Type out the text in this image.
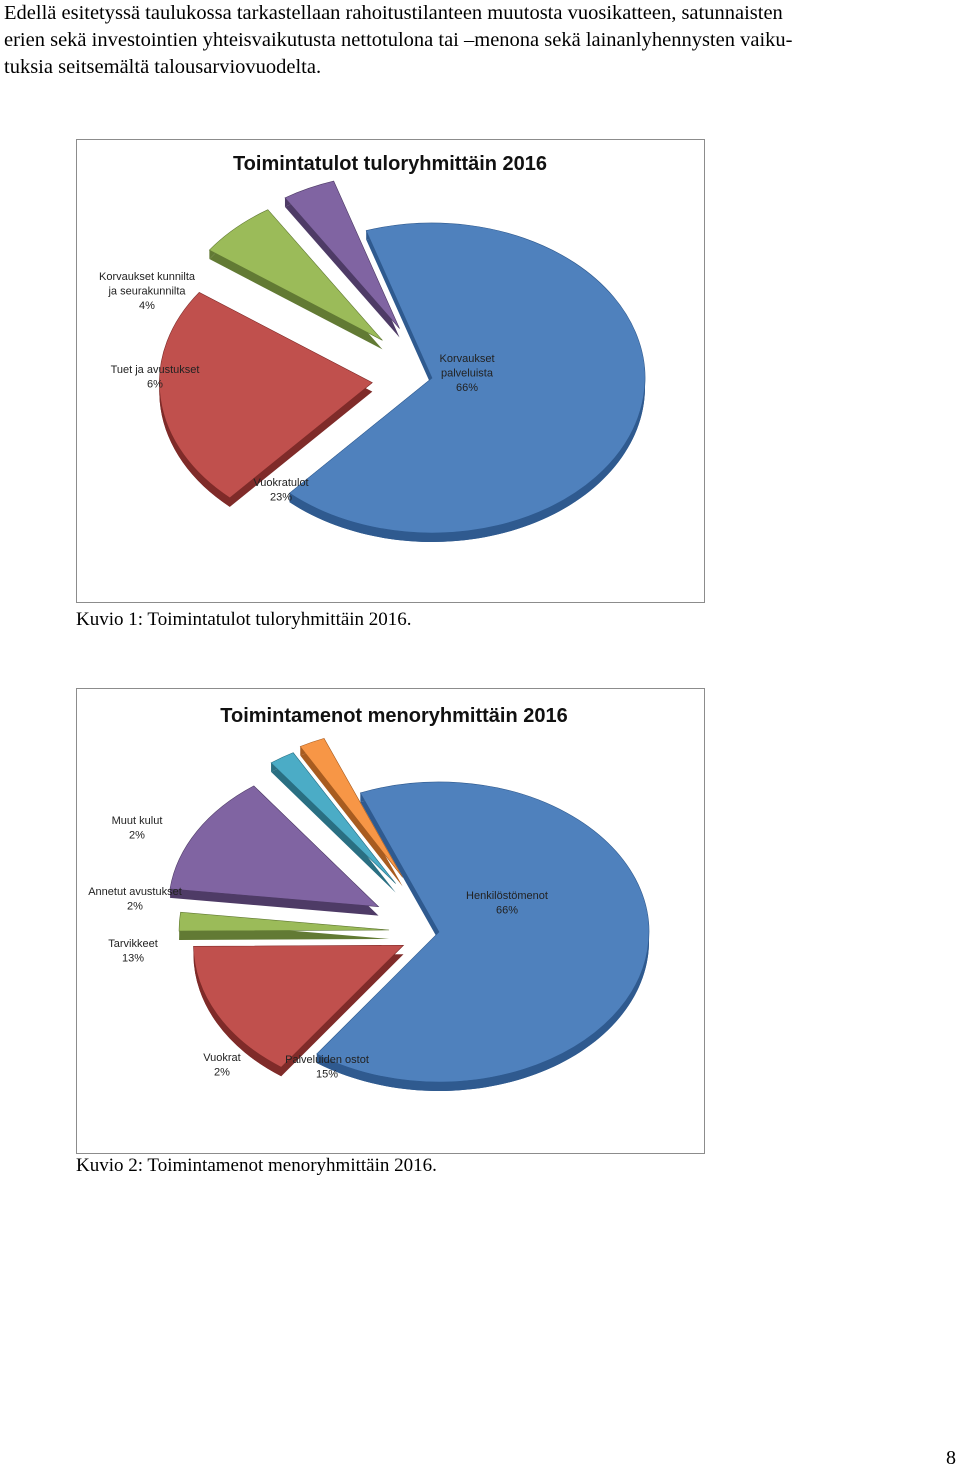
Edellä esitetyssä taulukossa tarkastellaan rahoitustilanteen muutosta vuosikatteen, satunnaisten
erien sekä investointien yhteisvaikutusta nettotulona tai –menona sekä lainanlyhennysten vaiku-
tuksia seitsemältä talousarviovuodelta.
Toimintatulot tuloryhmittäin 2016
Korvaukset palveluista 66%
Vuokratulot 23%
Tuet ja avustukset 6%
Korvaukset kunnilta ja seurakunnilta 4%
Kuvio 1: Toimintatulot tuloryhmittäin 2016.
Toimintamenot menoryhmittäin 2016
Henkilöstömenot 66%
Palveluiden ostot 15%
Vuokrat 2%
Tarvikkeet 13%
Annetut avustukset 2%
Muut kulut 2%
Kuvio 2: Toimintamenot menoryhmittäin 2016.
8
